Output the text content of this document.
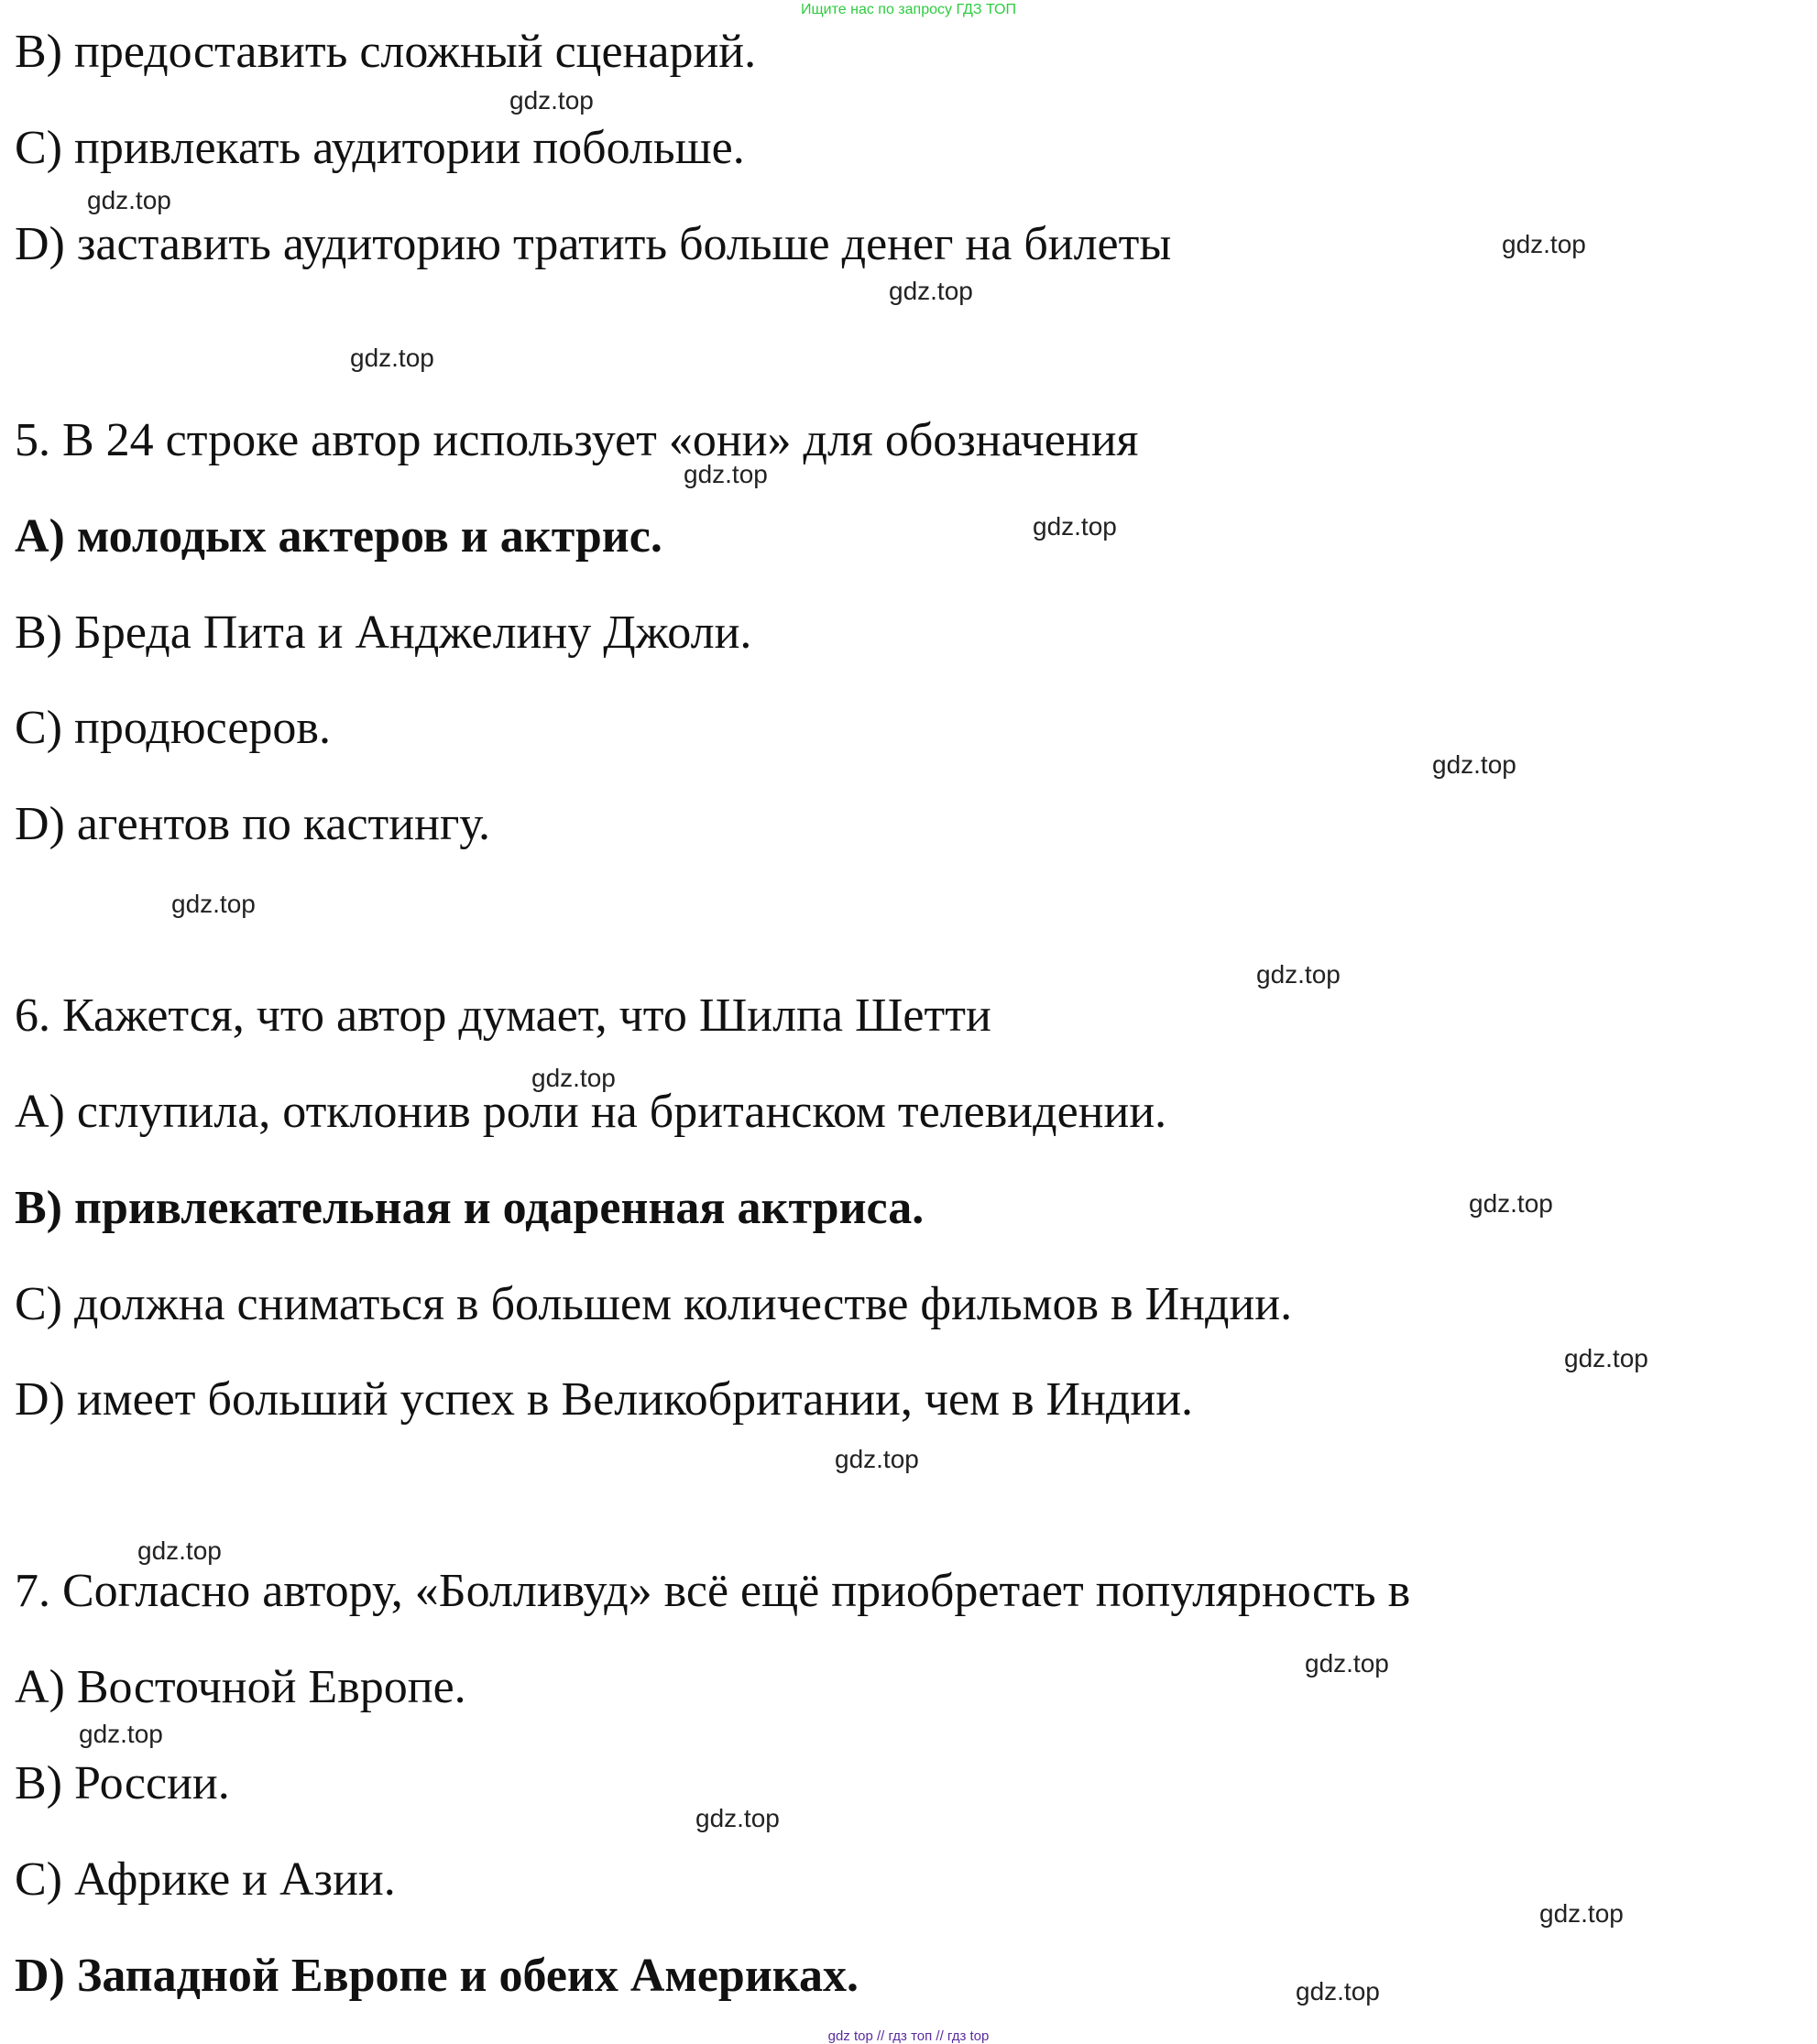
Ищите нас по запросу ГДЗ ТОП
B) предоставить сложный сценарий.
C) привлекать аудитории побольше.
D) заставить аудиторию тратить больше денег на билеты
5. В 24 строке автор использует «они» для обозначения
A) молодых актеров и актрис.
B) Бреда Пита и Анджелину Джоли.
C) продюсеров.
D) агентов по кастингу.
6. Кажется, что автор думает, что Шилпа Шетти
A) сглупила, отклонив роли на британском телевидении.
B) привлекательная и одаренная актриса.
C) должна сниматься в большем количестве фильмов в Индии.
D) имеет больший успех в Великобритании, чем в Индии.
7. Согласно автору, «Болливуд» всё ещё приобретает популярность в
A) Восточной Европе.
B) России.
C) Африке и Азии.
D) Западной Европе и обеих Америках.
gdz.top
gdz.top
gdz.top
gdz.top
gdz.top
gdz.top
gdz.top
gdz.top
gdz.top
gdz.top
gdz.top
gdz.top
gdz.top
gdz.top
gdz.top
gdz.top
gdz.top
gdz.top
gdz.top
gdz.top
gdz top // гдз топ // гдз top
